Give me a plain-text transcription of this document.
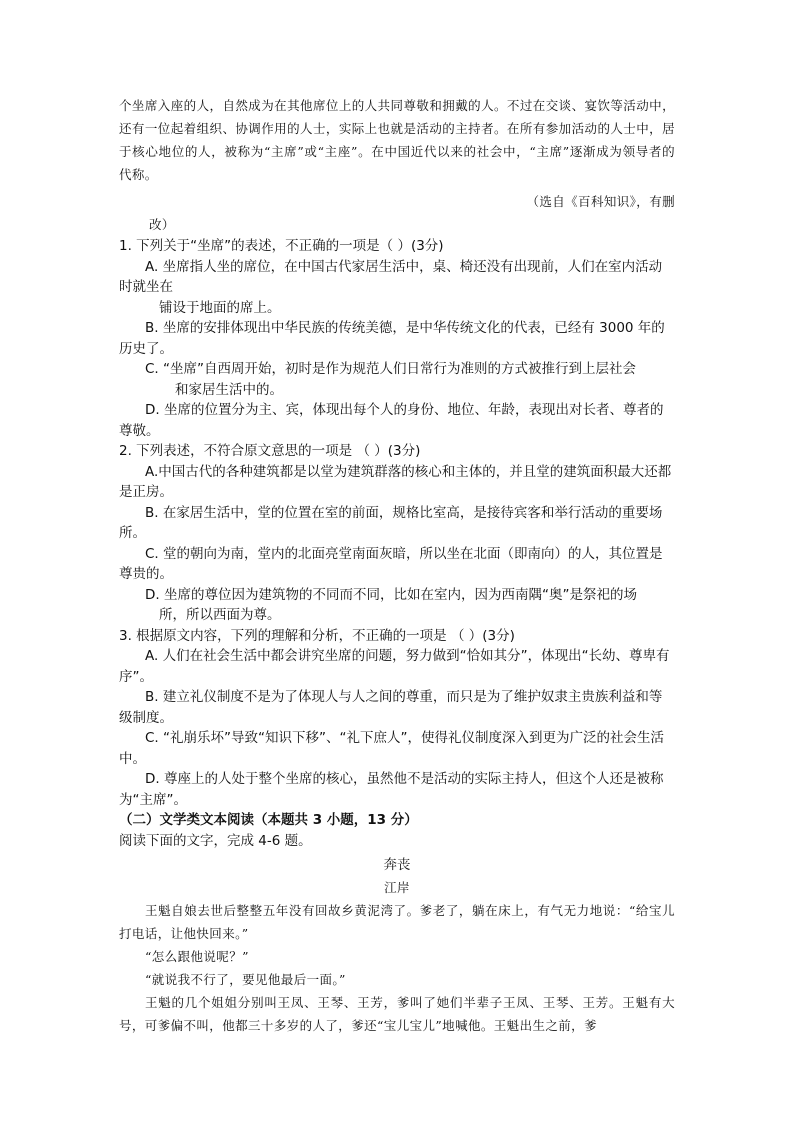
个坐席入座的人，自然成为在其他席位上的人共同尊敬和拥戴的人。不过在交谈、宴饮等活动中，还有一位起着组织、协调作用的人士，实际上也就是活动的主持者。在所有参加活动的人士中，居于核心地位的人，被称为“主席”或“主座”。在中国近代以来的社会中，“主席”逐渐成为领导者的代称。

（选自《百科知识》，有删

改）

1. 下列关于“坐席”的表述，不正确的一项是（ ）(3分)

A. 坐席指人坐的席位，在中国古代家居生活中，桌、椅还没有出现前，人们在室内活动时就坐在

铺设于地面的席上。

B. 坐席的安排体现出中华民族的传统美德，是中华传统文化的代表，已经有 3000 年的历史了。

C. “坐席”自西周开始，初时是作为规范人们日常行为准则的方式被推行到上层社会

和家居生活中的。

D. 坐席的位置分为主、宾，体现出每个人的身份、地位、年龄，表现出对长者、尊者的尊敬。

2. 下列表述，不符合原文意思的一项是 （ ）(3分)

A.中国古代的各种建筑都是以堂为建筑群落的核心和主体的，并且堂的建筑面积最大还都是正房。

B. 在家居生活中，堂的位置在室的前面，规格比室高，是接待宾客和举行活动的重要场所。

C. 堂的朝向为南，堂内的北面亮堂南面灰暗，所以坐在北面（即南向）的人，其位置是尊贵的。

D. 坐席的尊位因为建筑物的不同而不同，比如在室内，因为西南隅“奥”是祭祀的场

所，所以西面为尊。

3. 根据原文内容，下列的理解和分析，不正确的一项是 （ ）(3分)

A. 人们在社会生活中都会讲究坐席的问题，努力做到“恰如其分”，体现出“长幼、尊卑有序”。

B. 建立礼仪制度不是为了体现人与人之间的尊重，而只是为了维护奴隶主贵族利益和等级制度。

C. “礼崩乐坏”导致“知识下移”、“礼下庶人”，使得礼仪制度深入到更为广泛的社会生活中。

D. 尊座上的人处于整个坐席的核心，虽然他不是活动的实际主持人，但这个人还是被称为“主席”。

（二）文学类文本阅读（本题共 3 小题，13 分）

阅读下面的文字，完成 4-6 题。

奔丧

江岸

王魁自娘去世后整整五年没有回故乡黄泥湾了。爹老了，躺在床上，有气无力地说：“给宝儿打电话，让他快回来。”

“怎么跟他说呢？”

“就说我不行了，要见他最后一面。”

王魁的几个姐姐分别叫王凤、王琴、王芳，爹叫了她们半辈子王凤、王琴、王芳。王魁有大号，可爹偏不叫，他都三十多岁的人了，爹还“宝儿宝儿”地喊他。王魁出生之前，爹
